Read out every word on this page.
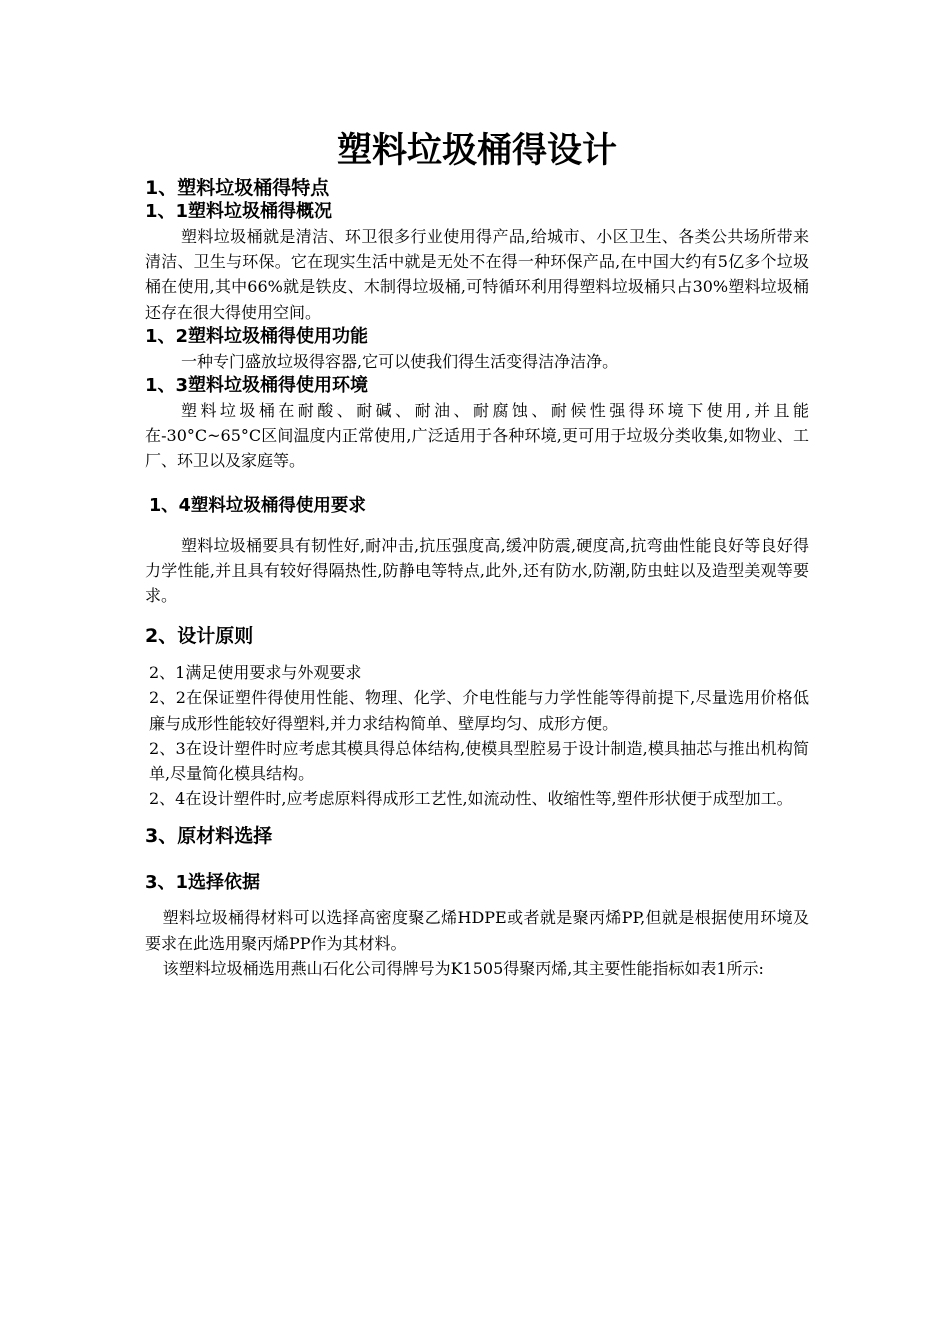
塑料垃圾桶得设计
1、塑料垃圾桶得特点
1、1塑料垃圾桶得概况
塑料垃圾桶就是清洁、环卫很多行业使用得产品,给城市、小区卫生、各类公共场所带来清洁、卫生与环保。它在现实生活中就是无处不在得一种环保产品,在中国大约有5亿多个垃圾桶在使用,其中66%就是铁皮、木制得垃圾桶,可特循环利用得塑料垃圾桶只占30%塑料垃圾桶还存在很大得使用空间。
1、2塑料垃圾桶得使用功能
一种专门盛放垃圾得容器,它可以使我们得生活变得洁净洁净。
1、3塑料垃圾桶得使用环境
塑料垃圾桶在耐酸、耐碱、耐油、耐腐蚀、耐候性强得环境下使用,并且能在-30°C~65°C区间温度内正常使用,广泛适用于各种环境,更可用于垃圾分类收集,如物业、工厂、环卫以及家庭等。
1、4塑料垃圾桶得使用要求
塑料垃圾桶要具有韧性好,耐冲击,抗压强度高,缓冲防震,硬度高,抗弯曲性能良好等良好得力学性能,并且具有较好得隔热性,防静电等特点,此外,还有防水,防潮,防虫蛀以及造型美观等要求。
2、设计原则
2、1满足使用要求与外观要求
2、2在保证塑件得使用性能、物理、化学、介电性能与力学性能等得前提下,尽量选用价格低廉与成形性能较好得塑料,并力求结构简单、壁厚均匀、成形方便。
2、3在设计塑件时应考虑其模具得总体结构,使模具型腔易于设计制造,模具抽芯与推出机构简单,尽量简化模具结构。
2、4在设计塑件时,应考虑原料得成形工艺性,如流动性、收缩性等,塑件形状便于成型加工。
3、原材料选择
3、1选择依据
塑料垃圾桶得材料可以选择高密度聚乙烯HDPE或者就是聚丙烯PP,但就是根据使用环境及要求在此选用聚丙烯PP作为其材料。
该塑料垃圾桶选用燕山石化公司得牌号为K1505得聚丙烯,其主要性能指标如表1所示:
